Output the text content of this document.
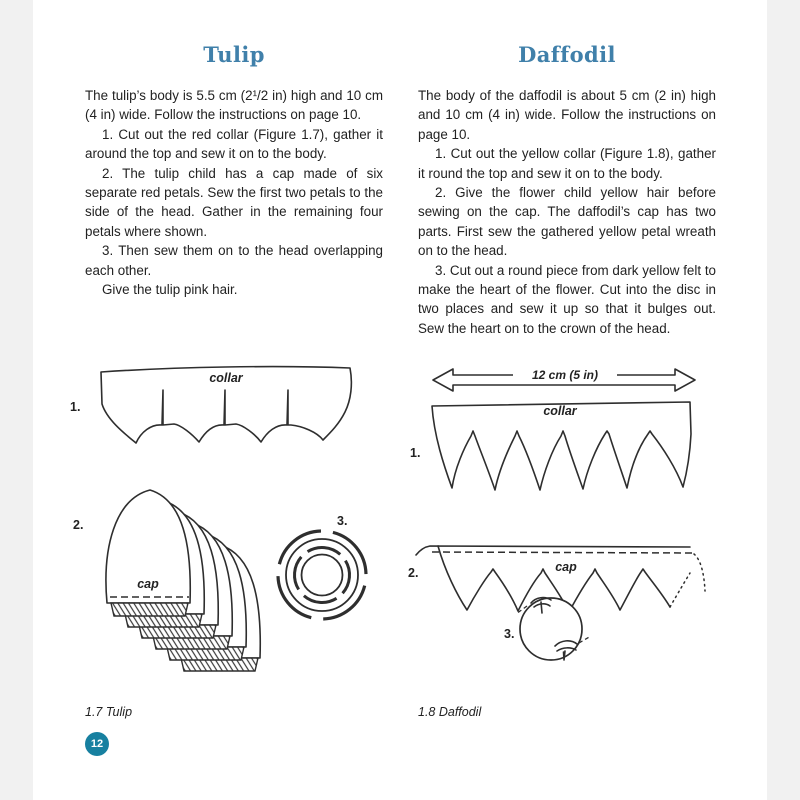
Tulip

The tulip’s body is 5.5 cm (2¹/2 in) high and 10 cm (4 in) wide. Follow the instructions on page 10.

1. Cut out the red collar (Figure 1.7), gather it around the top and sew it on to the body.

2. The tulip child has a cap made of six separate red petals. Sew the first two petals to the side of the head. Gather in the remaining four petals where shown.

3. Then sew them on to the head overlapping each other.

Give the tulip pink hair.

Daffodil

The body of the daffodil is about 5 cm (2 in) high and 10 cm (4 in) wide. Follow the instructions on page 10.

1. Cut out the yellow collar (Figure 1.8), gather it round the top and sew it on to the body.

2. Give the flower child yellow hair before sewing on the cap. The daffodil’s cap has two parts. First sew the gathered yellow petal wreath on to the head.

3. Cut out a round piece from dark yellow felt to make the heart of the flower. Cut into the disc in two places and sew it up so that it bulges out. Sew the heart on to the crown of the head.

1.
collar
2.
cap
3.
12 cm (5 in)
1.
collar
2.	cap
3.
1.7 Tulip	1.8 Daffodil
12
